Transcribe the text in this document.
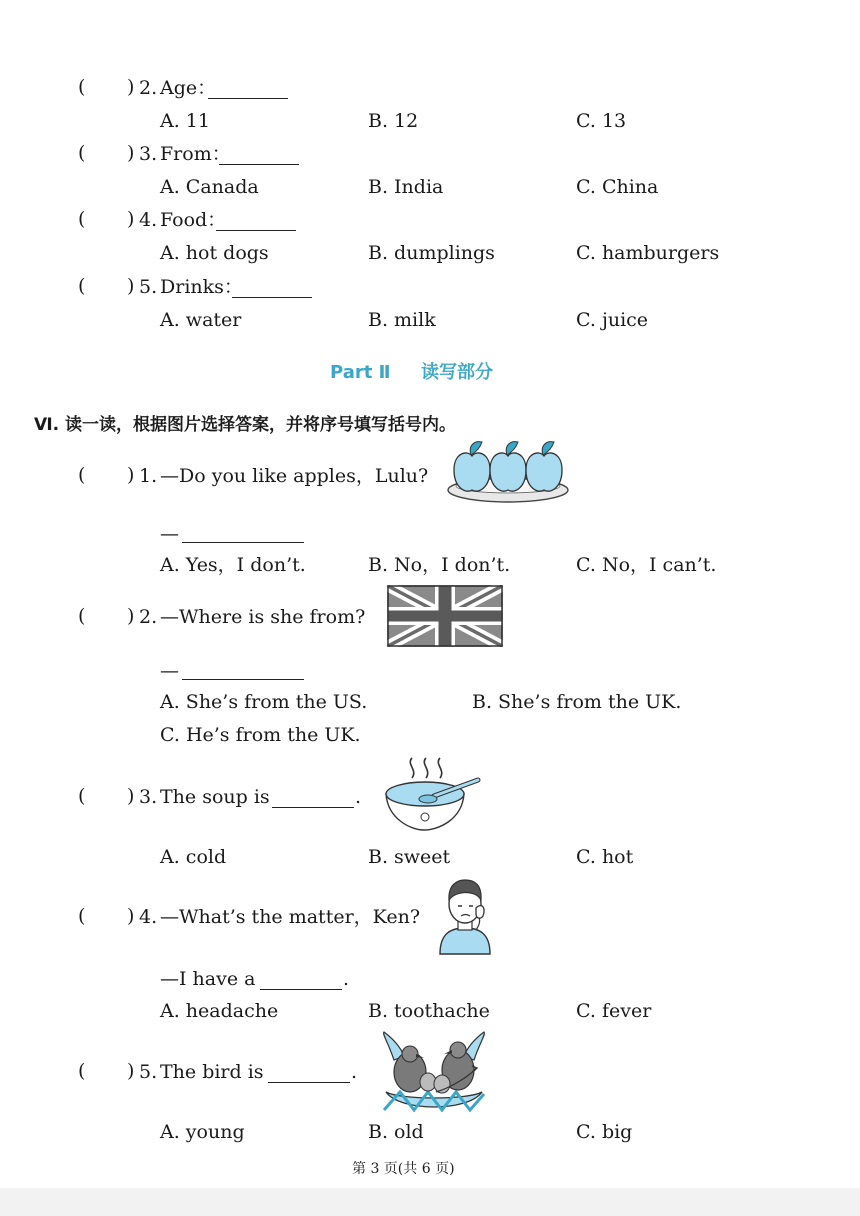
( ) 2. Age：
A. 11	B. 12	C. 13
( ) 3. From：
A. Canada	B. India	C. China
( ) 4. Food：
A. hot dogs	B. dumplings	C. hamburgers
( ) 5. Drinks：
A. water	B. milk	C. juice
Part Ⅱ 读写部分
Ⅵ. 读一读，根据图片选择答案，并将序号填写括号内。
( ) 1. —Do you like apples，Lulu?
—
A. Yes，I don’t.	B. No，I don’t.	C. No，I can’t.
( ) 2. —Where is she from?
—
A. She’s from the US.	B. She’s from the UK.
C. He’s from the UK.
( ) 3. The soup is	.
A. cold	B. sweet	C. hot
( ) 4. —What’s the matter，Ken?
—I have a	.
A. headache	B. toothache	C. fever
( ) 5. The bird is	.
A. young	B. old	C. big
第 3 页(共 6 页)
